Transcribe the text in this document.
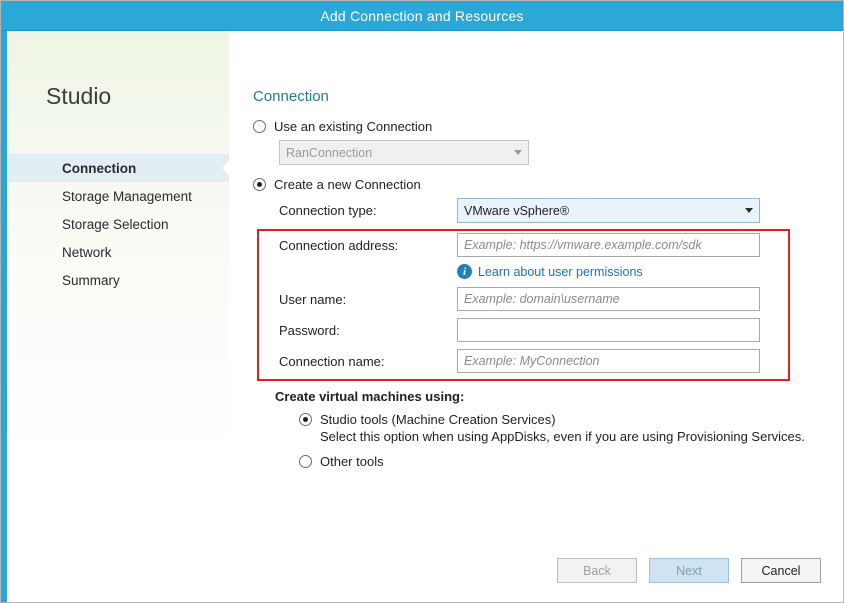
Add Connection and Resources
Studio
Connection
Storage Management
Storage Selection
Network
Summary
Connection
Use an existing Connection
RanConnection
Create a new Connection
Connection type:	VMware vSphere®
Connection address:	Example: https://vmware.example.com/sdk
i Learn about user permissions
User name:	Example: domain\username
Password:
Connection name:	Example: MyConnection
Create virtual machines using:
Studio tools (Machine Creation Services)
Select this option when using AppDisks, even if you are using Provisioning Services.
Other tools
Back	Next	Cancel
